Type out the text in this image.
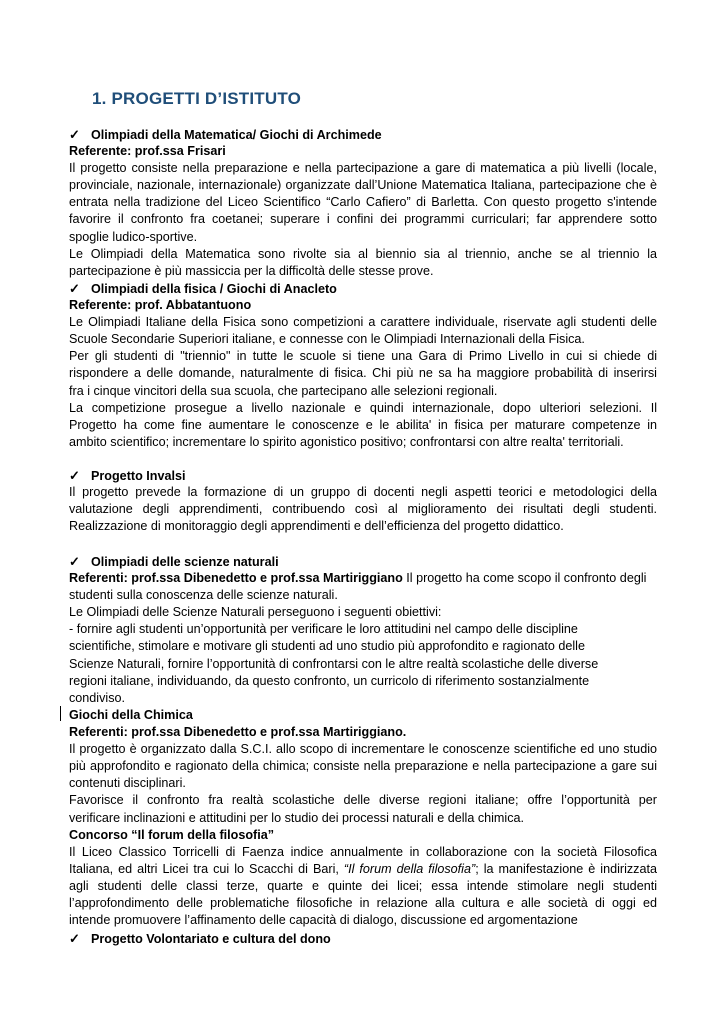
1. PROGETTI D’ISTITUTO
✓ Olimpiadi della Matematica/ Giochi di Archimede
Referente: prof.ssa Frisari
Il progetto consiste nella preparazione e nella partecipazione a gare di matematica a più livelli (locale,
provinciale, nazionale, internazionale) organizzate dall’Unione Matematica Italiana, partecipazione che è
entrata nella tradizione del Liceo Scientifico “Carlo Cafiero” di Barletta. Con questo progetto s'intende
favorire il confronto fra coetanei; superare i confini dei programmi curriculari; far apprendere sotto
spoglie ludico-sportive.
Le Olimpiadi della Matematica sono rivolte sia al biennio sia al triennio, anche se al triennio la
partecipazione è più massiccia per la difficoltà delle stesse prove.
✓ Olimpiadi della fisica / Giochi di Anacleto
Referente: prof. Abbatantuono
Le Olimpiadi Italiane della Fisica sono competizioni a carattere individuale, riservate agli studenti delle
Scuole Secondarie Superiori italiane, e connesse con le Olimpiadi Internazionali della Fisica.
Per gli studenti di "triennio" in tutte le scuole si tiene una Gara di Primo Livello in cui si chiede di
rispondere a delle domande, naturalmente di fisica. Chi più ne sa ha maggiore probabilità di inserirsi
fra i cinque vincitori della sua scuola, che partecipano alle selezioni regionali.
La competizione prosegue a livello nazionale e quindi internazionale, dopo ulteriori selezioni. Il
Progetto ha come fine aumentare le conoscenze e le abilita' in fisica per maturare competenze in
ambito scientifico; incrementare lo spirito agonistico positivo; confrontarsi con altre realta' territoriali.
✓ Progetto Invalsi
Il progetto prevede la formazione di un gruppo di docenti negli aspetti teorici e metodologici della
valutazione degli apprendimenti, contribuendo così al miglioramento dei risultati degli studenti.
Realizzazione di monitoraggio degli apprendimenti e dell’efficienza del progetto didattico.
✓ Olimpiadi delle scienze naturali
Referenti: prof.ssa Dibenedetto e prof.ssa Martiriggiano Il progetto ha come scopo il confronto degli
studenti sulla conoscenza delle scienze naturali.
Le Olimpiadi delle Scienze Naturali perseguono i seguenti obiettivi:
- fornire agli studenti un’opportunità per verificare le loro attitudini nel campo delle discipline
scientifiche, stimolare e motivare gli studenti ad uno studio più approfondito e ragionato delle
Scienze Naturali, fornire l’opportunità di confrontarsi con le altre realtà scolastiche delle diverse
regioni italiane, individuando, da questo confronto, un curricolo di riferimento sostanzialmente
condiviso.
Giochi della Chimica
Referenti: prof.ssa Dibenedetto e prof.ssa Martiriggiano.
Il progetto è organizzato dalla S.C.I. allo scopo di incrementare le conoscenze scientifiche ed uno studio
più approfondito e ragionato della chimica; consiste nella preparazione e nella partecipazione a gare sui
contenuti disciplinari.
Favorisce il confronto fra realtà scolastiche delle diverse regioni italiane; offre l’opportunità per
verificare inclinazioni e attitudini per lo studio dei processi naturali e della chimica.
Concorso “Il forum della filosofia”
Il Liceo Classico Torricelli di Faenza indice annualmente in collaborazione con la società Filosofica
Italiana, ed altri Licei tra cui lo Scacchi di Bari, “Il forum della filosofia”; la manifestazione è indirizzata
agli studenti delle classi terze, quarte e quinte dei licei; essa intende stimolare negli studenti
l’approfondimento delle problematiche filosofiche in relazione alla cultura e alle società di oggi ed
intende promuovere l’affinamento delle capacità di dialogo, discussione ed argomentazione
✓ Progetto Volontariato e cultura del dono
